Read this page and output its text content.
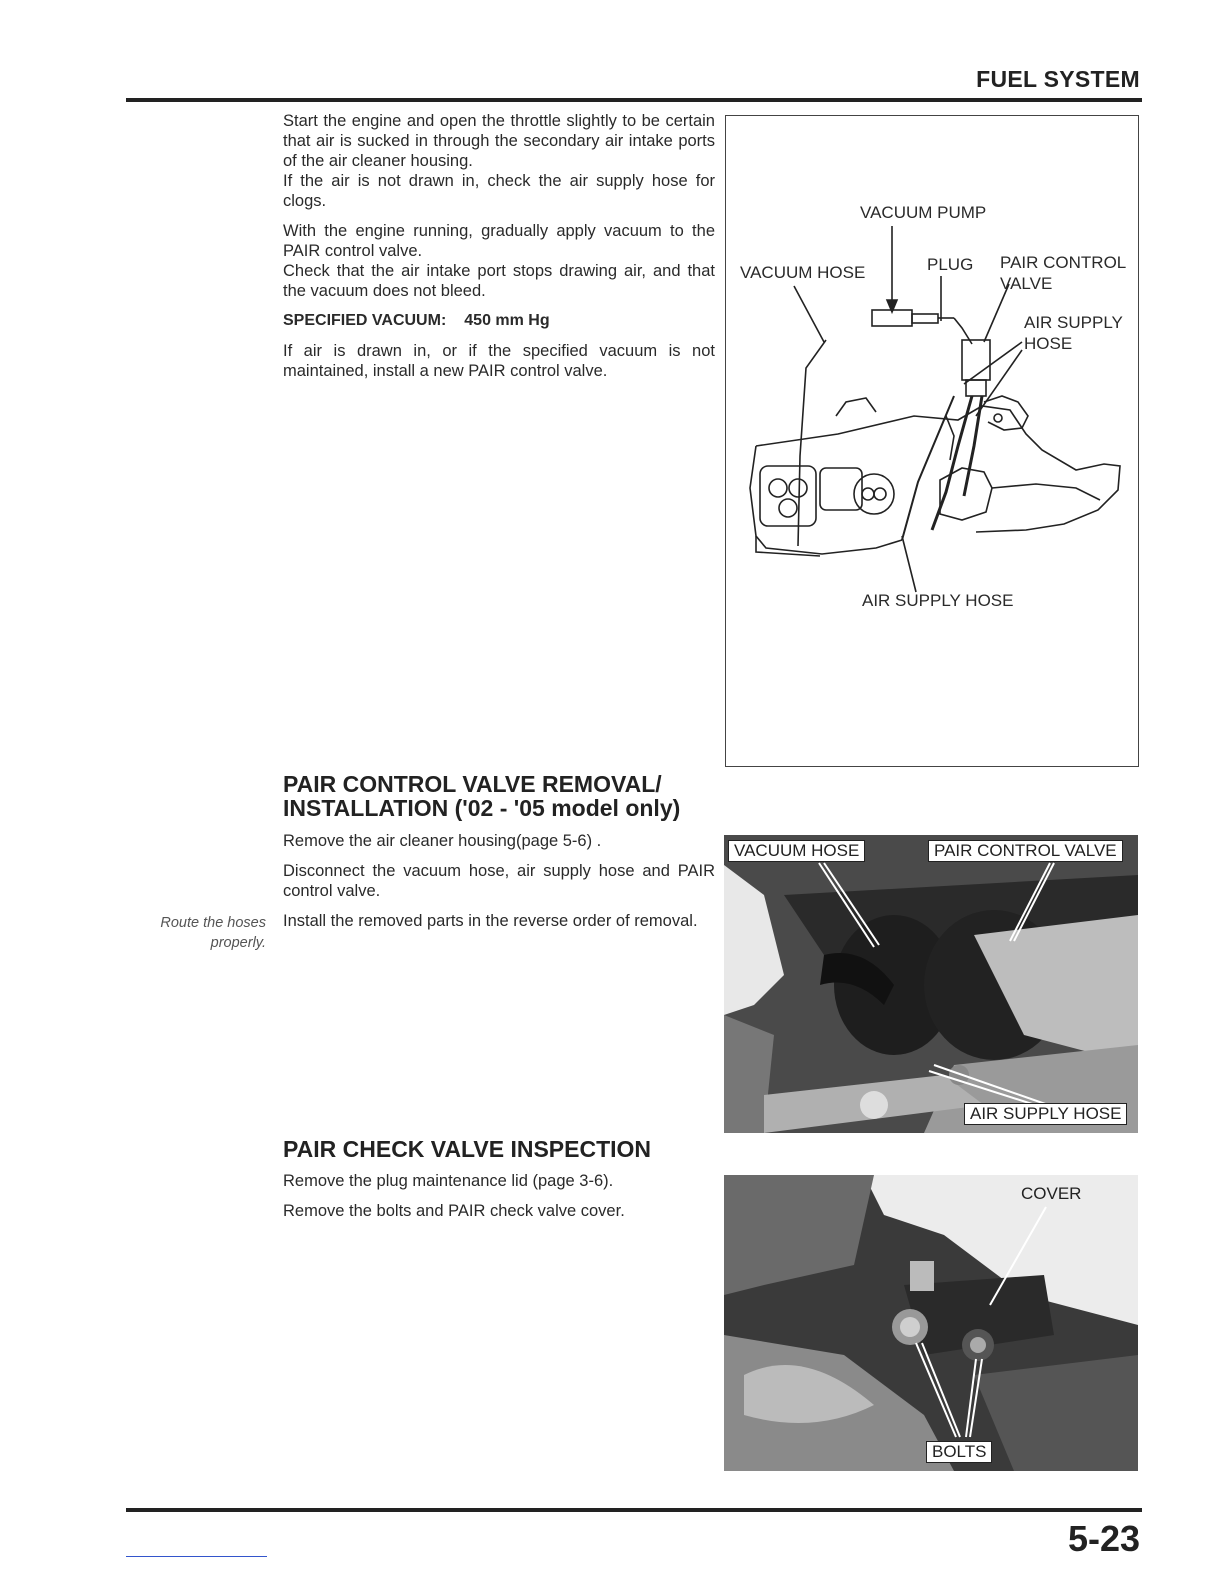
FUEL SYSTEM

Start the engine and open the throttle slightly to be certain that air is sucked in through the secondary air intake ports of the air cleaner housing.
If the air is not drawn in, check the air supply hose for clogs.

With the engine running, gradually apply vacuum to the PAIR control valve.
Check that the air intake port stops drawing air, and that the vacuum does not bleed.

SPECIFIED VACUUM: 450 mm Hg

If air is drawn in, or if the specified vacuum is not maintained, install a new PAIR control valve.

VACUUM PUMP
VACUUM HOSE	PLUG PAIR CONTROL
VALVE
AIR SUPPLY
HOSE
AIR SUPPLY HOSE
PAIR CONTROL VALVE REMOVAL/
INSTALLATION ('02 - '05 model only)

Remove the air cleaner housing(page 5-6) .

Disconnect the vacuum hose, air supply hose and PAIR control valve.

Install the removed parts in the reverse order of removal.

Route the hoses properly.
VACUUM HOSE	PAIR CONTROL VALVE
AIR SUPPLY HOSE
PAIR CHECK VALVE INSPECTION

Remove the plug maintenance lid (page 3-6).

Remove the bolts and PAIR check valve cover.

COVER
BOLTS
5-23
